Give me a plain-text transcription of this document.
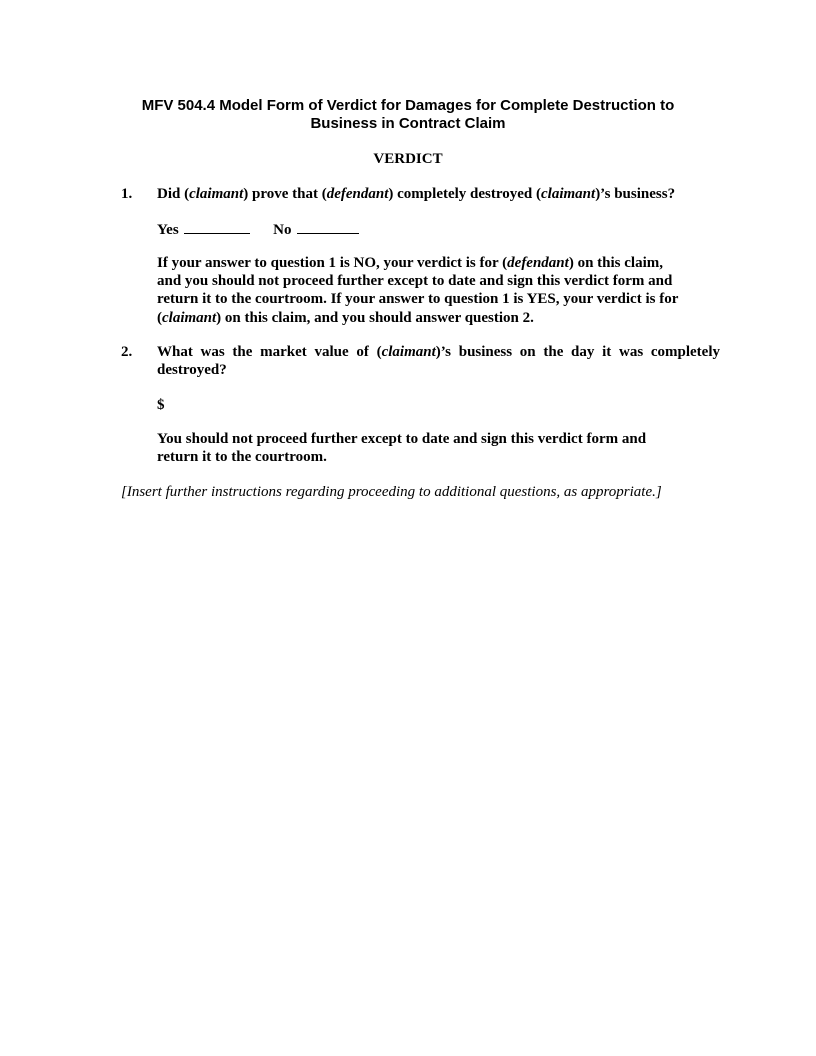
MFV 504.4 Model Form of Verdict for Damages for Complete Destruction to
Business in Contract Claim
VERDICT
1. Did (claimant) prove that (defendant) completely destroyed (claimant)’s business?
Yes	No
If your answer to question 1 is NO, your verdict is for (defendant) on this claim,
and you should not proceed further except to date and sign this verdict form and
return it to the courtroom. If your answer to question 1 is YES, your verdict is for
(claimant) on this claim, and you should answer question 2.
2. What was the market value of (claimant)’s business on the day it was completely
destroyed?
$
You should not proceed further except to date and sign this verdict form and
return it to the courtroom.
[Insert further instructions regarding proceeding to additional questions, as appropriate.]
